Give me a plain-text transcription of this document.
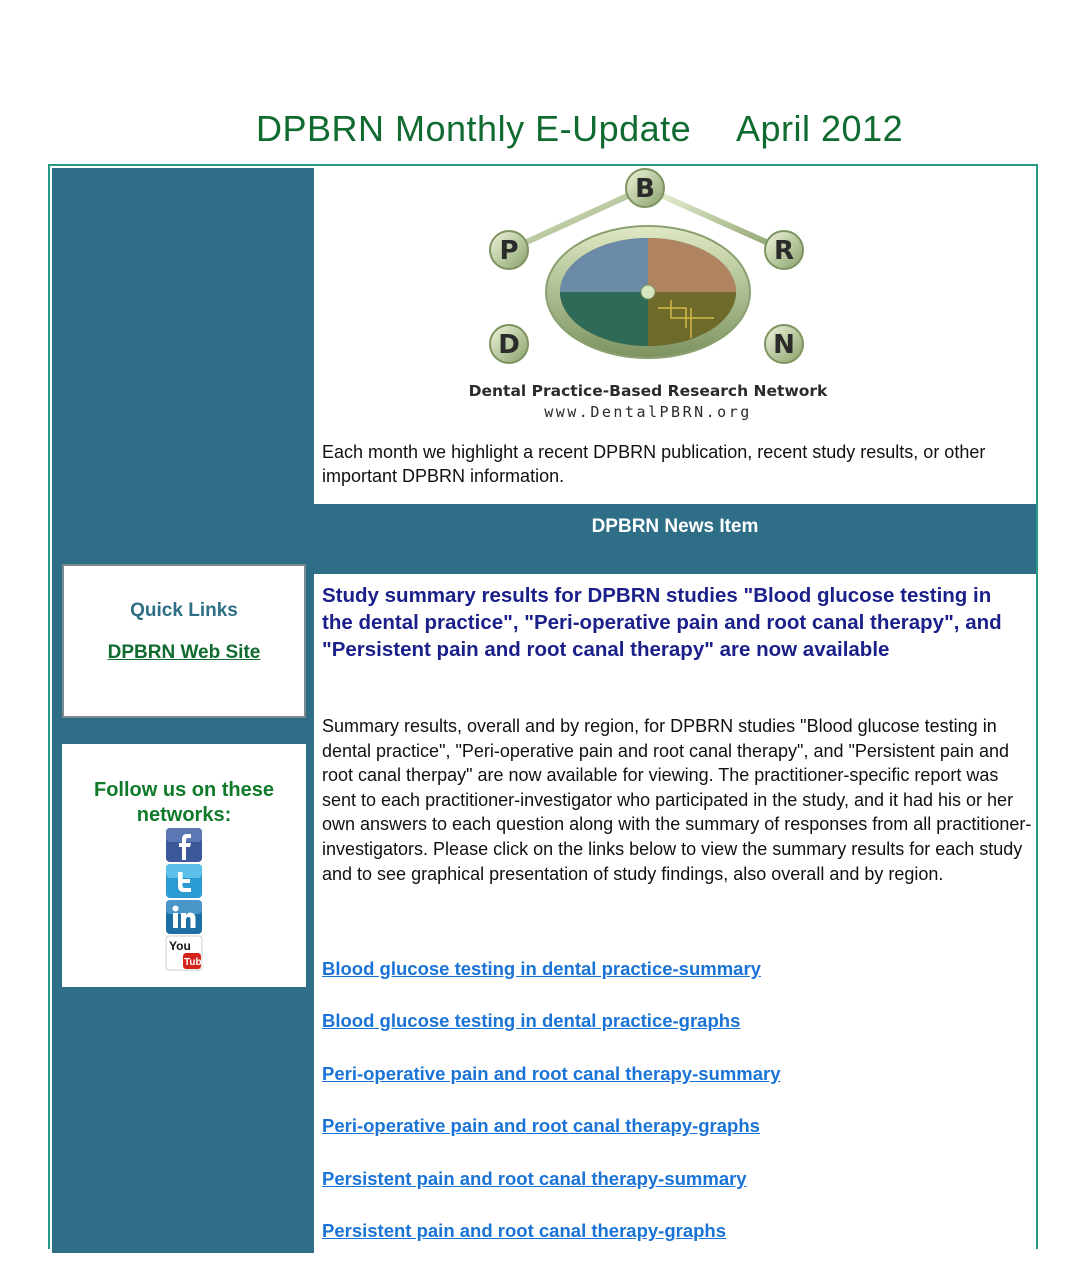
DPBRN Monthly E-Update April 2012
Quick Links
DPBRN Web Site
Follow us on these networks:
You
Tube
B
P	R
D	N
Dental Practice-Based Research Network
www.DentalPBRN.org
Each month we highlight a recent DPBRN publication, recent study results, or other important DPBRN information.
DPBRN News Item
Study summary results for DPBRN studies "Blood glucose testing in the dental practice", "Peri-operative pain and root canal therapy", and "Persistent pain and root canal therapy" are now available
Summary results, overall and by region, for DPBRN studies "Blood glucose testing in dental practice", "Peri-operative pain and root canal therapy", and "Persistent pain and root canal therpay" are now available for viewing. The practitioner-specific report was sent to each practitioner-investigator who participated in the study, and it had his or her own answers to each question along with the summary of responses from all practitioner-investigators. Please click on the links below to view the summary results for each study and to see graphical presentation of study findings, also overall and by region.
Blood glucose testing in dental practice-summary
Blood glucose testing in dental practice-graphs
Peri-operative pain and root canal therapy-summary
Peri-operative pain and root canal therapy-graphs
Persistent pain and root canal therapy-summary
Persistent pain and root canal therapy-graphs
